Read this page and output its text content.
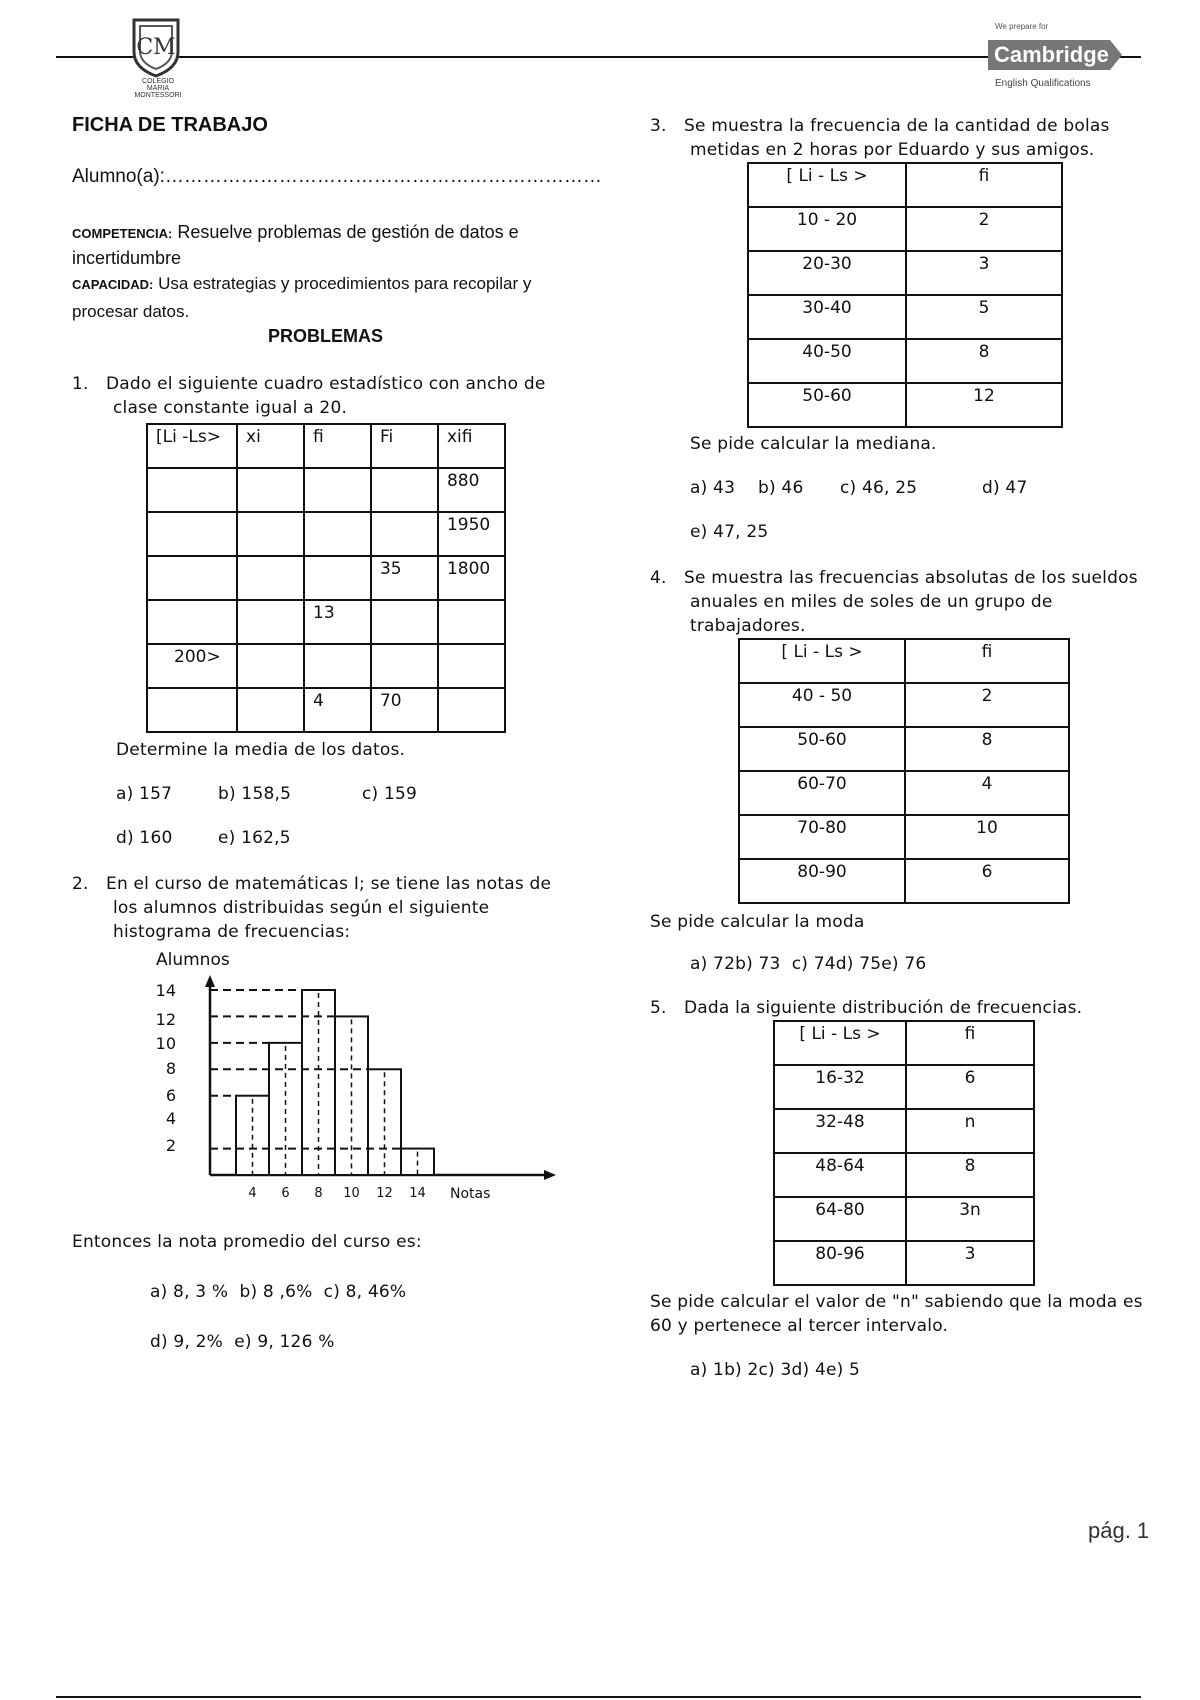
CM
COLEGIO
MARIA
MONTESSORI
We prepare for
Cambridge
English Qualifications
FICHA DE TRABAJO
Alumno(a):……………………………………………………………
COMPETENCIA: Resuelve problemas de gestión de datos e incertidumbre
CAPACIDAD: Usa estrategias y procedimientos para recopilar y procesar datos.
PROBLEMAS
1. Dado el siguiente cuadro estadístico con ancho de
clase constante igual a 20.
[Li -Ls>	xi	fi	Fi	xifi
				880
				1950
			35	1800
		13		
200>				
		4	70	
Determine la media de los datos.
a) 157	b) 158,5	c) 159
d) 160	e) 162,5
2. En el curso de matemáticas I; se tiene las notas de
los alumnos distribuidas según el siguiente
histograma de frecuencias:
Alumnos
Notas
14
12
10
8
6
4
2
4 6 8 10 12 14
Entonces la nota promedio del curso es:
a) 8, 3 %  b) 8 ,6%  c) 8, 46%
d) 9, 2%  e) 9, 126 %
3. Se muestra la frecuencia de la cantidad de bolas
metidas en 2 horas por Eduardo y sus amigos.
[ Li - Ls >	fi
10 - 20	2
20-30	3
30-40	5
40-50	8
50-60	12
Se pide calcular la mediana.
a) 43 b) 46 c) 46, 25	d) 47
e) 47, 25
4. Se muestra las frecuencias absolutas de los sueldos
anuales en miles de soles de un grupo de
trabajadores.
[ Li - Ls >	fi
40 - 50	2
50-60	8
60-70	4
70-80	10
80-90	6
Se pide calcular la moda
a) 72b) 73  c) 74d) 75e) 76
5. Dada la siguiente distribución de frecuencias.
[ Li - Ls >	fi
16-32	6
32-48	n
48-64	8
64-80	3n
80-96	3
Se pide calcular el valor de "n" sabiendo que la moda es
60 y pertenece al tercer intervalo.
a) 1b) 2c) 3d) 4e) 5
pág. 1
